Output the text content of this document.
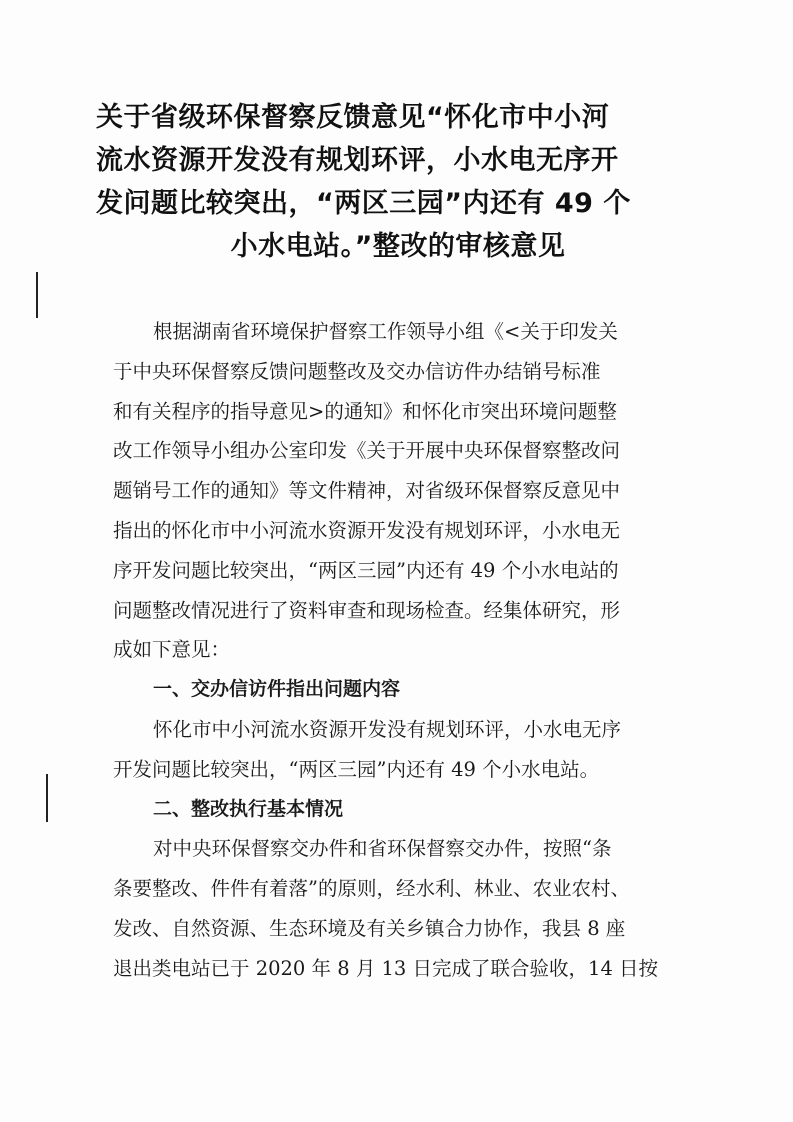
关于省级环保督察反馈意见“怀化市中小河
流水资源开发没有规划环评，小水电无序开
发问题比较突出，“两区三园”内还有 49 个
小水电站。”整改的审核意见
根据湖南省环境保护督察工作领导小组《<关于印发关
于中央环保督察反馈问题整改及交办信访件办结销号标准
和有关程序的指导意见>的通知》和怀化市突出环境问题整
改工作领导小组办公室印发《关于开展中央环保督察整改问
题销号工作的通知》等文件精神，对省级环保督察反意见中
指出的怀化市中小河流水资源开发没有规划环评，小水电无
序开发问题比较突出，“两区三园”内还有 49 个小水电站的
问题整改情况进行了资料审查和现场检查。经集体研究，形
成如下意见：
一、交办信访件指出问题内容
怀化市中小河流水资源开发没有规划环评，小水电无序
开发问题比较突出，“两区三园”内还有 49 个小水电站。
二、整改执行基本情况
对中央环保督察交办件和省环保督察交办件，按照“条
条要整改、件件有着落”的原则，经水利、林业、农业农村、
发改、自然资源、生态环境及有关乡镇合力协作，我县 8 座
退出类电站已于 2020 年 8 月 13 日完成了联合验收，14 日按
